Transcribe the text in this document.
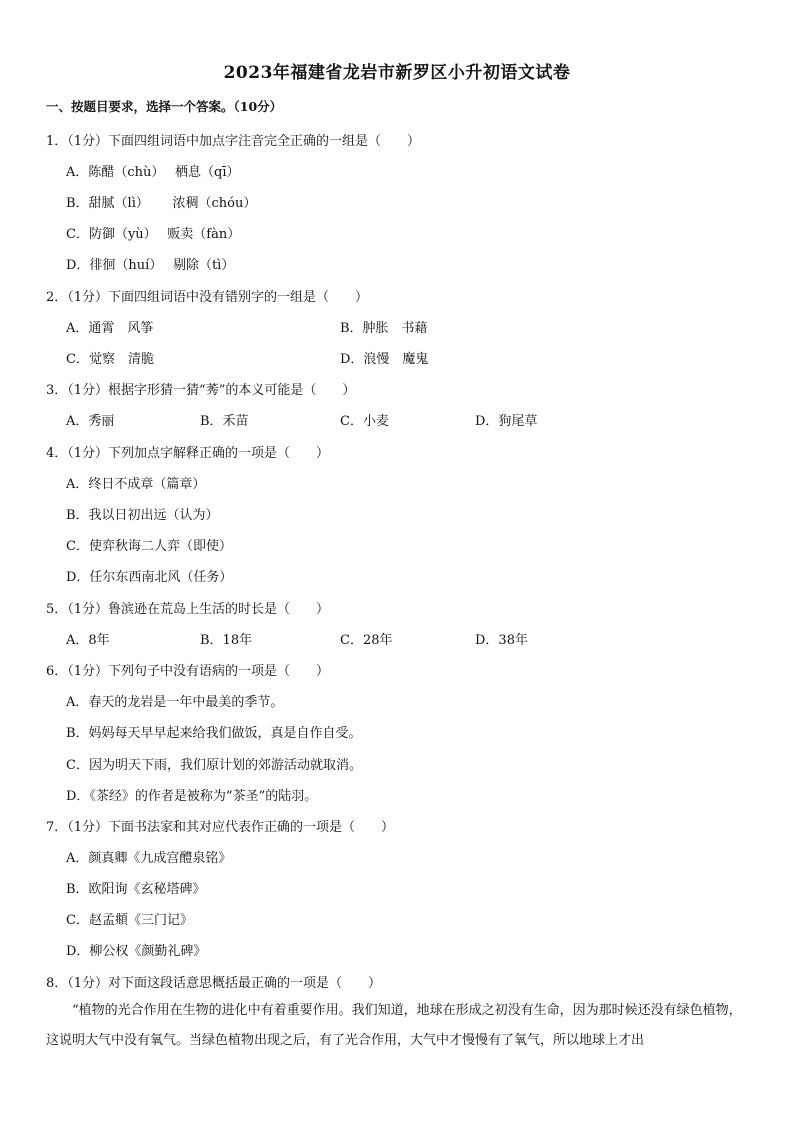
2023年福建省龙岩市新罗区小升初语文试卷
一、按题目要求，选择一个答案。（10分）
1．（1分）下面四组词语中加点字注音完全正确的一组是（　　）
A．陈醋（chù）　 栖息（qī）
B．甜腻（lì）　　 浓稠（chóu）
C．防御（yù）　 贩卖（fàn）
D．徘徊（huí）　 剔除（tì）
2．（1分）下面四组词语中没有错别字的一组是（　　）
A．通霄　风筝	B．肿胀　书藉
C．觉察　清脆	D．浪慢　魔鬼
3．（1分）根据字形猜一猜“莠”的本义可能是（　　）
A．秀丽	B．禾苗	C．小麦	D．狗尾草
4．（1分）下列加点字解释正确的一项是（　　）
A．终日不成章（篇章）
B．我以日初出远（认为）
C．使弈秋诲二人弈（即使）
D．任尔东西南北风（任务）
5．（1分）鲁滨逊在荒岛上生活的时长是（　　）
A．8年	B．18年	C．28年	D．38年
6．（1分）下列句子中没有语病的一项是（　　）
A．春天的龙岩是一年中最美的季节。
B．妈妈每天早早起来给我们做饭，真是自作自受。
C．因为明天下雨，我们原计划的郊游活动就取消。
D．《茶经》的作者是被称为“茶圣”的陆羽。
7．（1分）下面书法家和其对应代表作正确的一项是（　　）
A．颜真卿《九成宫醴泉铭》
B．欧阳询《玄秘塔碑》
C．赵孟頫《三门记》
D．柳公权《颜勤礼碑》
8．（1分）对下面这段话意思概括最正确的一项是（　　）
“植物的光合作用在生物的进化中有着重要作用。我们知道，地球在形成之初没有生命，因为那时候还没有绿色植物，这说明大气中没有氧气。当绿色植物出现之后，有了光合作用，大气中才慢慢有了氧气，所以地球上才出
